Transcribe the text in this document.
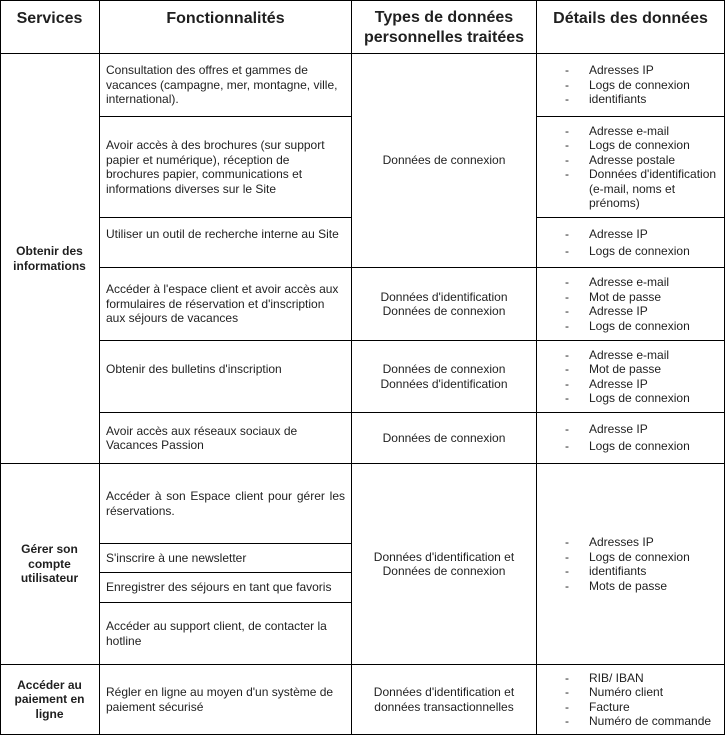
Services	Fonctionnalités	Types de données personnelles traitées
Détails des données
Obtenir des informations
Consultation des offres et gammes de vacances (campagne, mer, montagne, ville, international).
Avoir accès à des brochures (sur support papier et numérique), réception de brochures papier, communications et informations diverses sur le Site
Utiliser un outil de recherche interne au Site
Accéder à l'espace client et avoir accès aux formulaires de réservation et d'inscription aux séjours de vacances
Obtenir des bulletins d'inscription
Avoir accès aux réseaux sociaux de Vacances Passion
Données de connexion
Données d'identification
Données de connexion
Données de connexion
Données d'identification
Données de connexion
- Adresses IP
- Logs de connexion
- identifiants
- Adresse e-mail
- Logs de connexion
- Adresse postale
- Données d'identification (e-mail, noms et prénoms)
- Adresse IP
- Logs de connexion
- Adresse e-mail
- Mot de passe
- Adresse IP
- Logs de connexion
- Adresse e-mail
- Mot de passe
- Adresse IP
- Logs de connexion
- Adresse IP
- Logs de connexion
Gérer son compte utilisateur
Accéder à son Espace client pour gérer les réservations.
S'inscrire à une newsletter
Enregistrer des séjours en tant que favoris
Accéder au support client, de contacter la hotline
Données d'identification et Données de connexion
- Adresses IP
- Logs de connexion
- identifiants
- Mots de passe
Accéder au paiement en ligne
Régler en ligne au moyen d'un système de paiement sécurisé
Données d'identification et données transactionnelles
- RIB/ IBAN
- Numéro client
- Facture
- Numéro de commande
